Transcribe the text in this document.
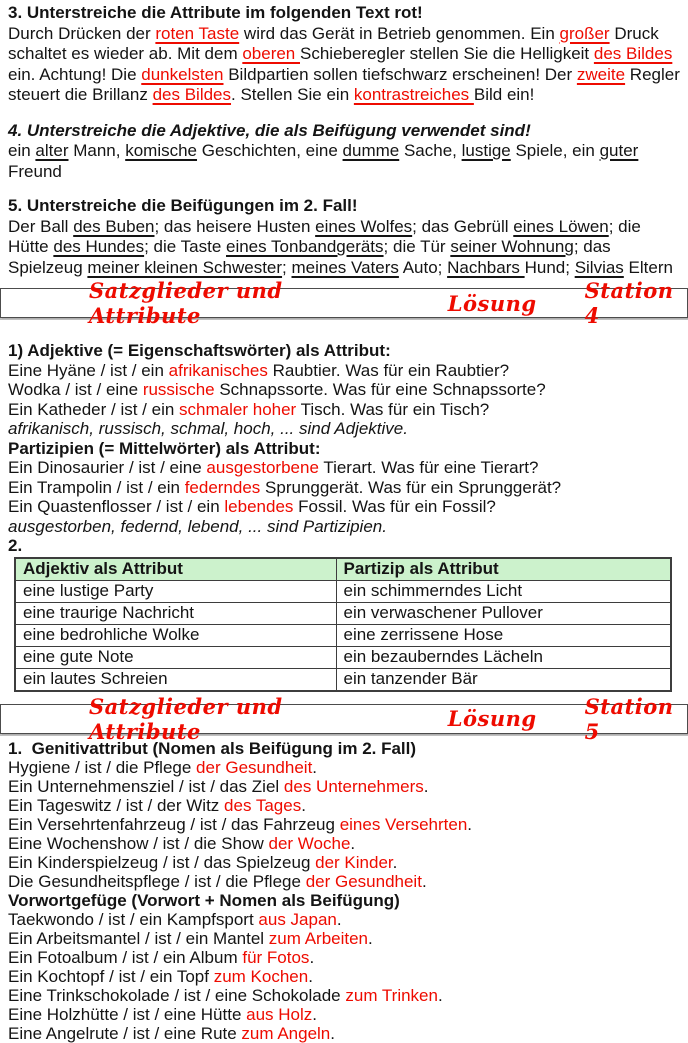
3. Unterstreiche die Attribute im folgenden Text rot!
Durch Drücken der roten Taste wird das Gerät in Betrieb genommen. Ein großer Druck
schaltet es wieder ab. Mit dem oberen Schieberegler stellen Sie die Helligkeit des Bildes
ein. Achtung! Die dunkelsten Bildpartien sollen tiefschwarz erscheinen! Der zweite Regler
steuert die Brillanz des Bildes. Stellen Sie ein kontrastreiches Bild ein!
4. Unterstreiche die Adjektive, die als Beifügung verwendet sind!
ein alter Mann, komische Geschichten, eine dumme Sache, lustige Spiele, ein guter
Freund
5. Unterstreiche die Beifügungen im 2. Fall!
Der Ball des Buben; das heisere Husten eines Wolfes; das Gebrüll eines Löwen; die
Hütte des Hundes; die Taste eines Tonbandgeräts; die Tür seiner Wohnung; das
Spielzeug meiner kleinen Schwester; meines Vaters Auto; Nachbars Hund; Silvias Eltern
Satzglieder und Attribute	Lösung Station 4
1) Adjektive (= Eigenschaftswörter) als Attribut:
Eine Hyäne / ist / ein afrikanisches Raubtier. Was für ein Raubtier?
Wodka / ist / eine russische Schnapssorte. Was für eine Schnapssorte?
Ein Katheder / ist / ein schmaler hoher Tisch. Was für ein Tisch?
afrikanisch, russisch, schmal, hoch, ... sind Adjektive.
Partizipien (= Mittelwörter) als Attribut:
Ein Dinosaurier / ist / eine ausgestorbene Tierart. Was für eine Tierart?
Ein Trampolin / ist / ein federndes Sprunggerät. Was für ein Sprunggerät?
Ein Quastenflosser / ist / ein lebendes Fossil. Was für ein Fossil?
ausgestorben, federnd, lebend, ... sind Partizipien.
2.
Adjektiv als Attribut	Partizip als Attribut
eine lustige Party	ein schimmerndes Licht
eine traurige Nachricht	ein verwaschener Pullover
eine bedrohliche Wolke	eine zerrissene Hose
eine gute Note	ein bezauberndes Lächeln
ein lautes Schreien	ein tanzender Bär
Satzglieder und Attribute	Lösung Station 5
1.  Genitivattribut (Nomen als Beifügung im 2. Fall)
Hygiene / ist / die Pflege der Gesundheit.
Ein Unternehmensziel / ist / das Ziel des Unternehmers.
Ein Tageswitz / ist / der Witz des Tages.
Ein Versehrtenfahrzeug / ist / das Fahrzeug eines Versehrten.
Eine Wochenshow / ist / die Show der Woche.
Ein Kinderspielzeug / ist / das Spielzeug der Kinder.
Die Gesundheitspflege / ist / die Pflege der Gesundheit.
Vorwortgefüge (Vorwort + Nomen als Beifügung)
Taekwondo / ist / ein Kampfsport aus Japan.
Ein Arbeitsmantel / ist / ein Mantel zum Arbeiten.
Ein Fotoalbum / ist / ein Album für Fotos.
Ein Kochtopf / ist / ein Topf zum Kochen.
Eine Trinkschokolade / ist / eine Schokolade zum Trinken.
Eine Holzhütte / ist / eine Hütte aus Holz.
Eine Angelrute / ist / eine Rute zum Angeln.
